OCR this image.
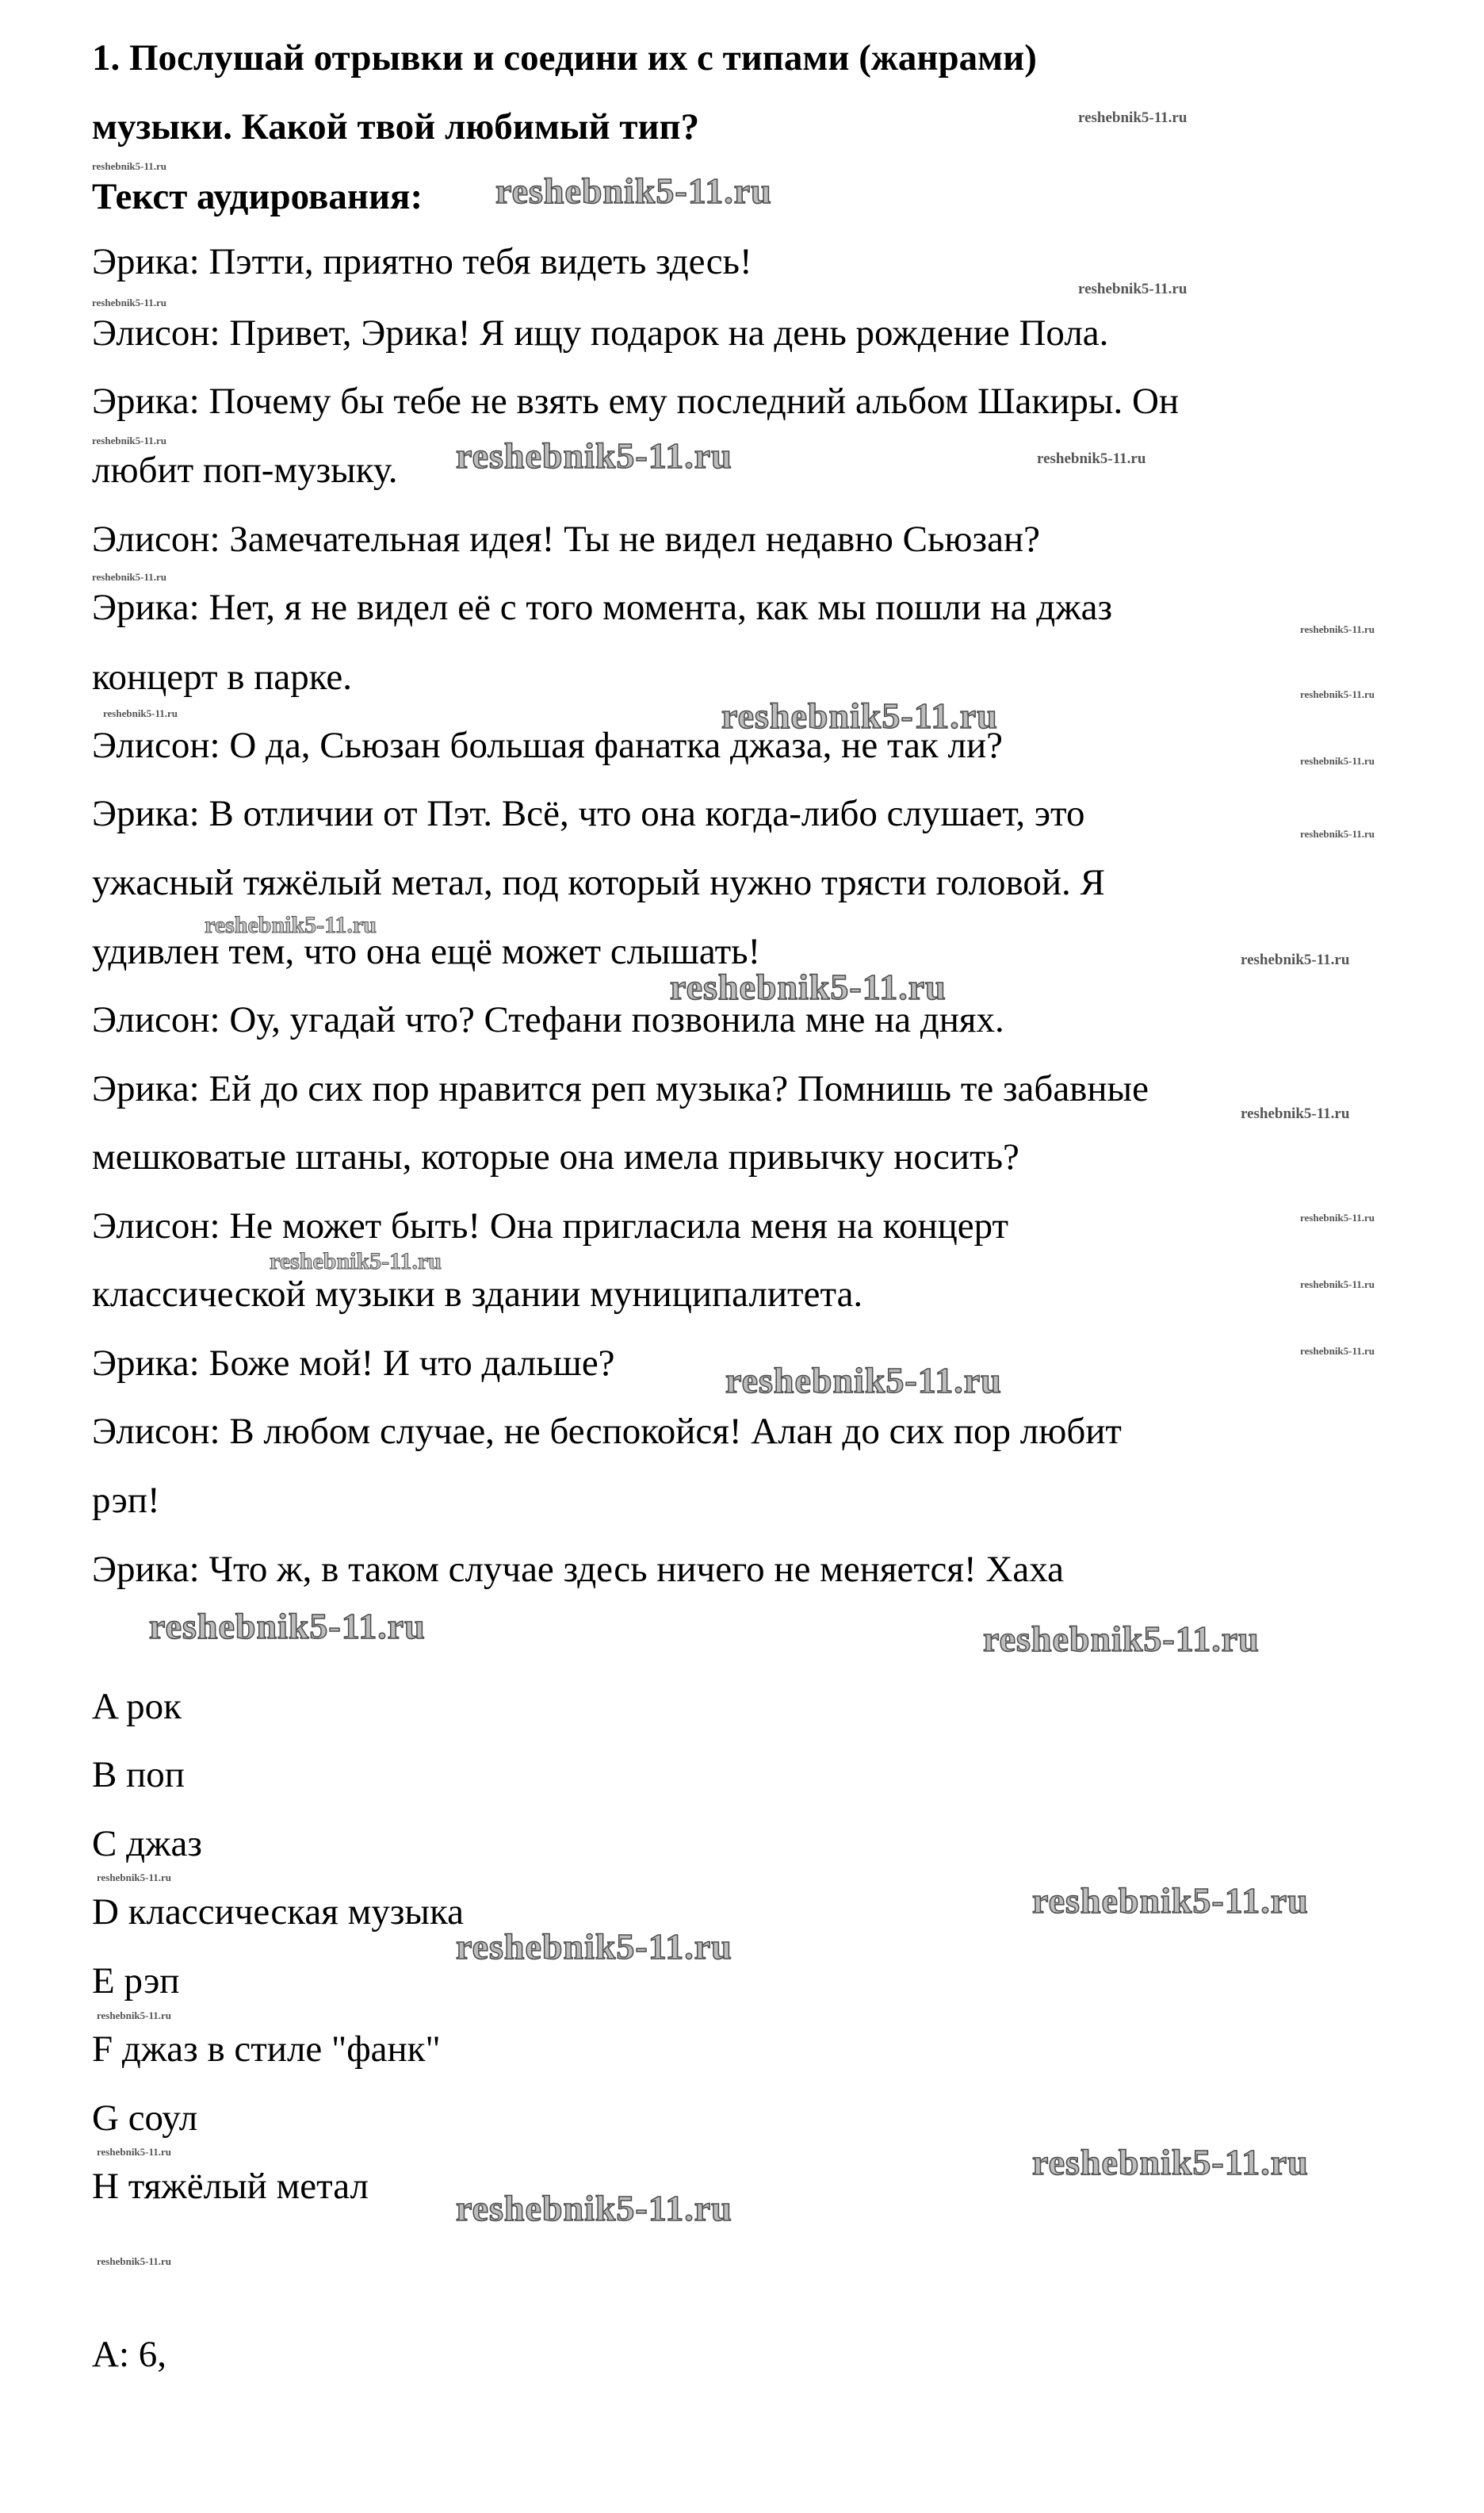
1. Послушай отрывки и соедини их с типами (жанрами)
музыки. Какой твой любимый тип?
Текст аудирования:
Эрика: Пэтти, приятно тебя видеть здесь!
Элисон: Привет, Эрика! Я ищу подарок на день рождение Пола.
Эрика: Почему бы тебе не взять ему последний альбом Шакиры. Он
любит поп-музыку.
Элисон: Замечательная идея! Ты не видел недавно Сьюзан?
Эрика: Нет, я не видел её с того момента, как мы пошли на джаз
концерт в парке.
Элисон: О да, Сьюзан большая фанатка джаза, не так ли?
Эрика: В отличии от Пэт. Всё, что она когда-либо слушает, это
ужасный тяжёлый метал, под который нужно трясти головой. Я
удивлен тем, что она ещё может слышать!
Элисон: Оу, угадай что? Стефани позвонила мне на днях.
Эрика: Ей до сих пор нравится реп музыка? Помнишь те забавные
мешковатые штаны, которые она имела привычку носить?
Элисон: Не может быть! Она пригласила меня на концерт
классической музыки в здании муниципалитета.
Эрика: Боже мой! И что дальше?
Элисон: В любом случае, не беспокойся! Алан до сих пор любит
рэп!
Эрика: Что ж, в таком случае здесь ничего не меняется! Хаха
A рок
B поп
C джаз
D классическая музыка
E рэп
F джаз в стиле "фанк"
G соул
H тяжёлый метал
A: 6,
reshebnik5-11.ru
reshebnik5-11.ru
reshebnik5-11.ru
reshebnik5-11.ru
reshebnik5-11.ru
reshebnik5-11.ru	reshebnik5-11.ru	reshebnik5-11.ru
reshebnik5-11.ru
reshebnik5-11.ru
reshebnik5-11.ru
reshebnik5-11.ru	reshebnik5-11.ru
reshebnik5-11.ru
reshebnik5-11.ru
reshebnik5-11.ru
reshebnik5-11.ru
reshebnik5-11.ru
reshebnik5-11.ru
reshebnik5-11.ru
reshebnik5-11.ru
reshebnik5-11.ru
reshebnik5-11.ru
reshebnik5-11.ru
reshebnik5-11.ru	reshebnik5-11.ru
reshebnik5-11.ru
reshebnik5-11.ru
reshebnik5-11.ru
reshebnik5-11.ru
reshebnik5-11.ru	reshebnik5-11.ru
reshebnik5-11.ru
reshebnik5-11.ru
